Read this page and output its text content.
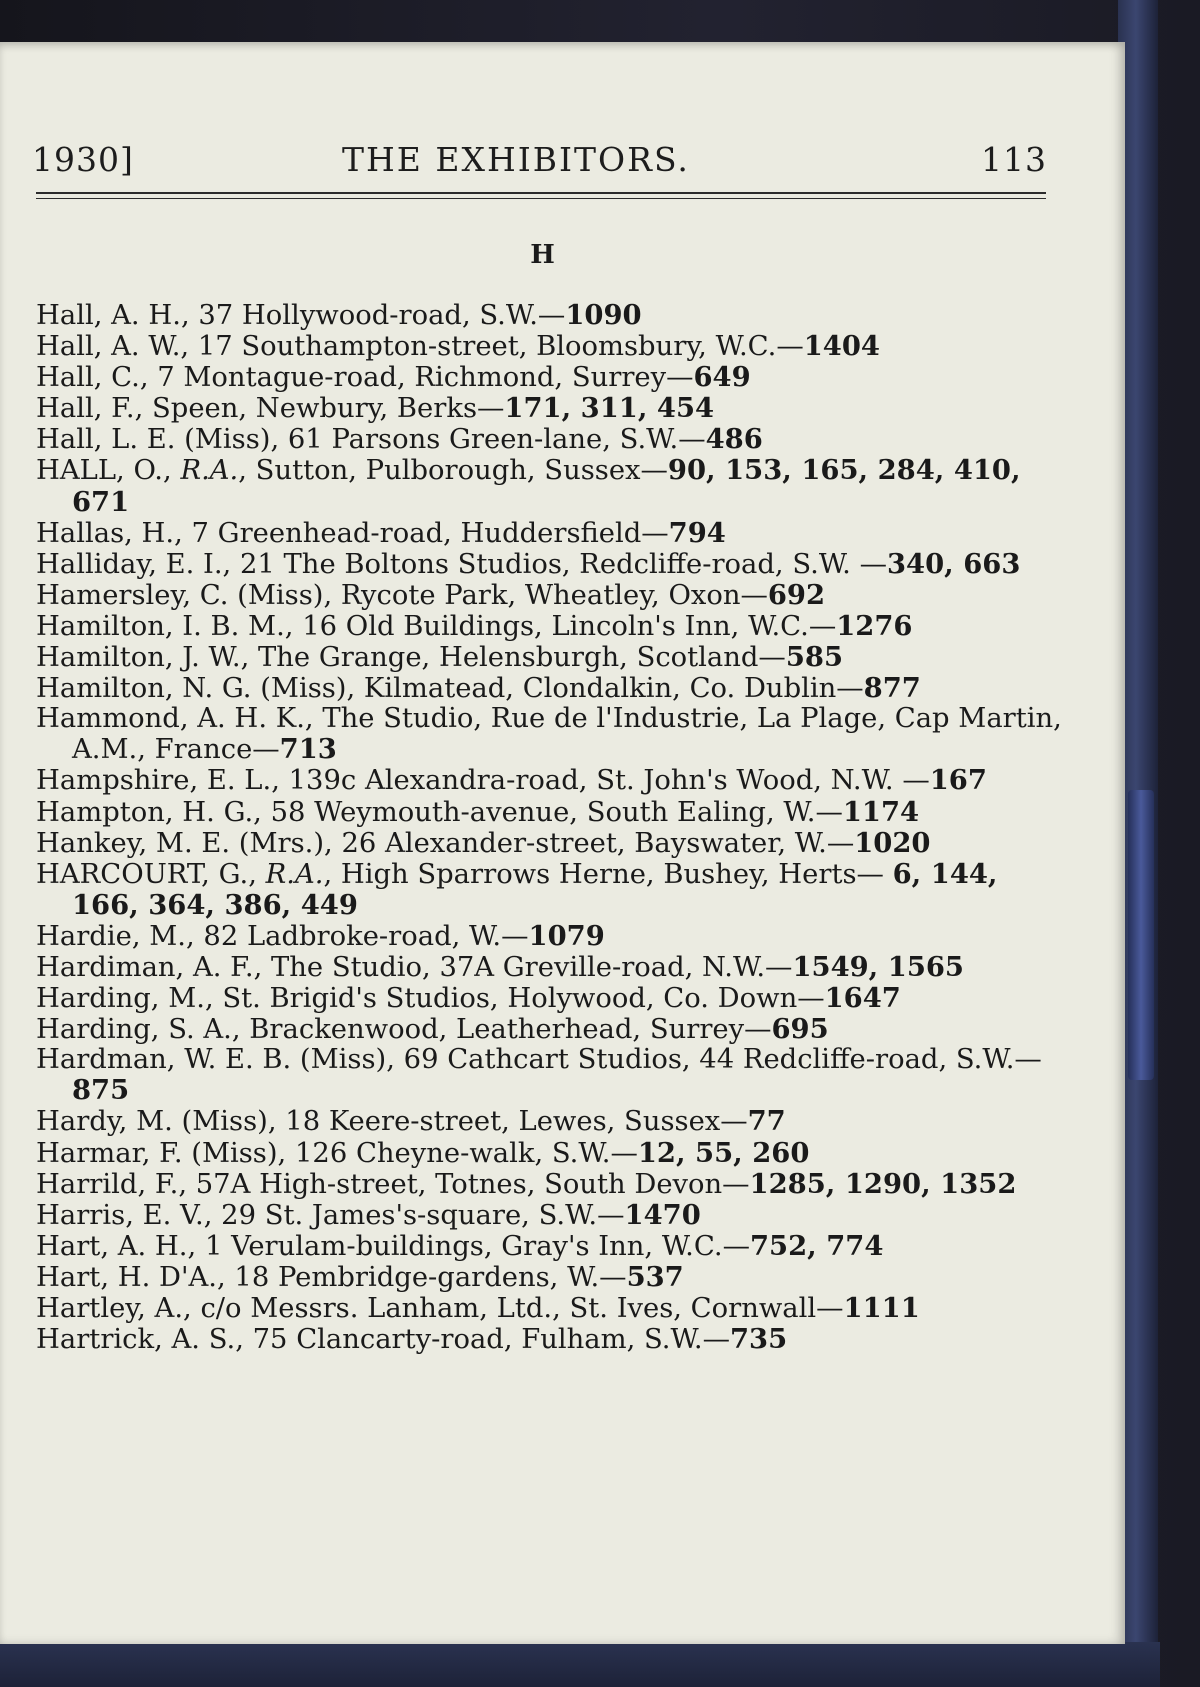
1930]	THE EXHIBITORS.	113
H
Hall, A. H., 37 Hollywood-road, S.W.—1090
Hall, A. W., 17 Southampton-street, Bloomsbury, W.C.—1404
Hall, C., 7 Montague-road, Richmond, Surrey—649
Hall, F., Speen, Newbury, Berks—171, 311, 454
Hall, L. E. (Miss), 61 Parsons Green-lane, S.W.—486
HALL, O., R.A., Sutton, Pulborough, Sussex—90, 153, 165, 284, 410, 671
Hallas, H., 7 Greenhead-road, Huddersfield—794
Halliday, E. I., 21 The Boltons Studios, Redcliffe-road, S.W. —340, 663
Hamersley, C. (Miss), Rycote Park, Wheatley, Oxon—692
Hamilton, I. B. M., 16 Old Buildings, Lincoln's Inn, W.C.—1276
Hamilton, J. W., The Grange, Helensburgh, Scotland—585
Hamilton, N. G. (Miss), Kilmatead, Clondalkin, Co. Dublin—877
Hammond, A. H. K., The Studio, Rue de l'Industrie, La Plage, Cap Martin, A.M., France—713
Hampshire, E. L., 139c Alexandra-road, St. John's Wood, N.W. —167
Hampton, H. G., 58 Weymouth-avenue, South Ealing, W.—1174
Hankey, M. E. (Mrs.), 26 Alexander-street, Bayswater, W.—1020
HARCOURT, G., R.A., High Sparrows Herne, Bushey, Herts— 6, 144, 166, 364, 386, 449
Hardie, M., 82 Ladbroke-road, W.—1079
Hardiman, A. F., The Studio, 37A Greville-road, N.W.—1549, 1565
Harding, M., St. Brigid's Studios, Holywood, Co. Down—1647
Harding, S. A., Brackenwood, Leatherhead, Surrey—695
Hardman, W. E. B. (Miss), 69 Cathcart Studios, 44 Redcliffe-road, S.W.—875
Hardy, M. (Miss), 18 Keere-street, Lewes, Sussex—77
Harmar, F. (Miss), 126 Cheyne-walk, S.W.—12, 55, 260
Harrild, F., 57A High-street, Totnes, South Devon—1285, 1290, 1352
Harris, E. V., 29 St. James's-square, S.W.—1470
Hart, A. H., 1 Verulam-buildings, Gray's Inn, W.C.—752, 774
Hart, H. D'A., 18 Pembridge-gardens, W.—537
Hartley, A., c/o Messrs. Lanham, Ltd., St. Ives, Cornwall—1111
Hartrick, A. S., 75 Clancarty-road, Fulham, S.W.—735
